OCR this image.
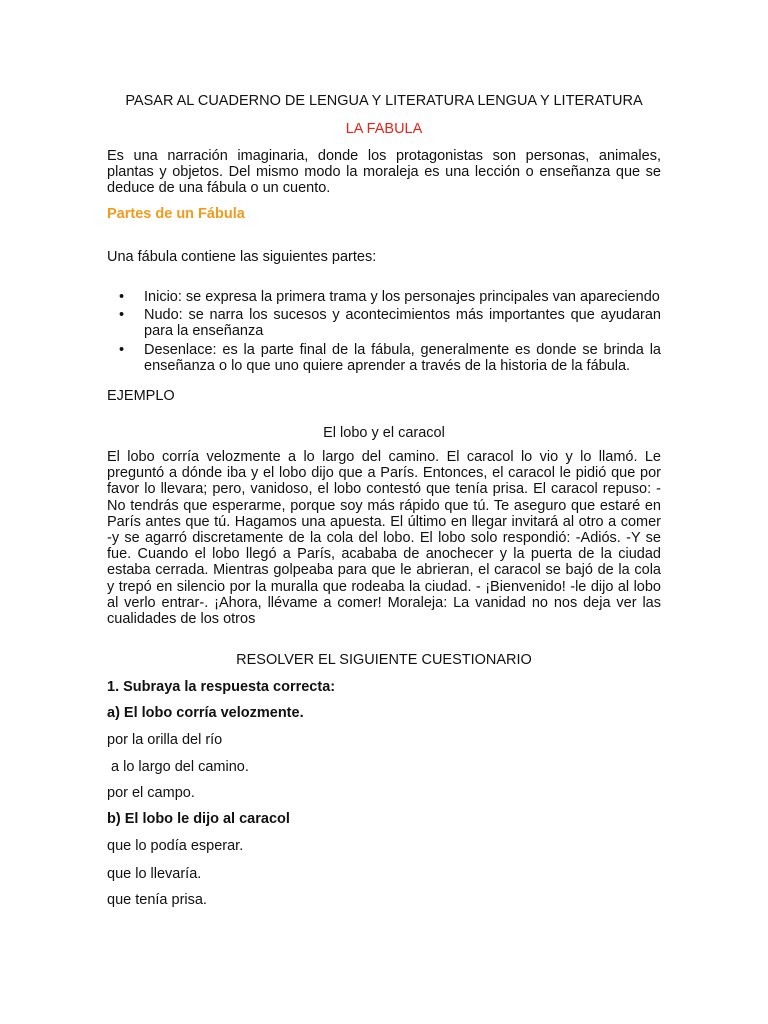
PASAR AL CUADERNO DE LENGUA Y LITERATURA LENGUA Y LITERATURA

LA FABULA

Es una narración imaginaria, donde los protagonistas son personas, animales, plantas y objetos. Del mismo modo la moraleja es una lección o enseñanza que se deduce de una fábula o un cuento.

Partes de un Fábula

Una fábula contiene las siguientes partes:

• Inicio: se expresa la primera trama y los personajes principales van apareciendo
• Nudo: se narra los sucesos y acontecimientos más importantes que ayudaran para la enseñanza
• Desenlace: es la parte final de la fábula, generalmente es donde se brinda la enseñanza o lo que uno quiere aprender a través de la historia de la fábula.

EJEMPLO

El lobo y el caracol

El lobo corría velozmente a lo largo del camino. El caracol lo vio y lo llamó. Le preguntó a dónde iba y el lobo dijo que a París. Entonces, el caracol le pidió que por favor lo llevara; pero, vanidoso, el lobo contestó que tenía prisa. El caracol repuso: -No tendrás que esperarme, porque soy más rápido que tú. Te aseguro que estaré en París antes que tú. Hagamos una apuesta. El último en llegar invitará al otro a comer -y se agarró discretamente de la cola del lobo. El lobo solo respondió: -Adiós. -Y se fue. Cuando el lobo llegó a París, acababa de anochecer y la puerta de la ciudad estaba cerrada. Mientras golpeaba para que le abrieran, el caracol se bajó de la cola y trepó en silencio por la muralla que rodeaba la ciudad. - ¡Bienvenido! -le dijo al lobo al verlo entrar-. ¡Ahora, llévame a comer! Moraleja: La vanidad no nos deja ver las cualidades de los otros

RESOLVER EL SIGUIENTE CUESTIONARIO

1. Subraya la respuesta correcta:

a) El lobo corría velozmente.

por la orilla del río

a lo largo del camino.

por el campo.

b) El lobo le dijo al caracol

que lo podía esperar.

que lo llevaría.

que tenía prisa.
